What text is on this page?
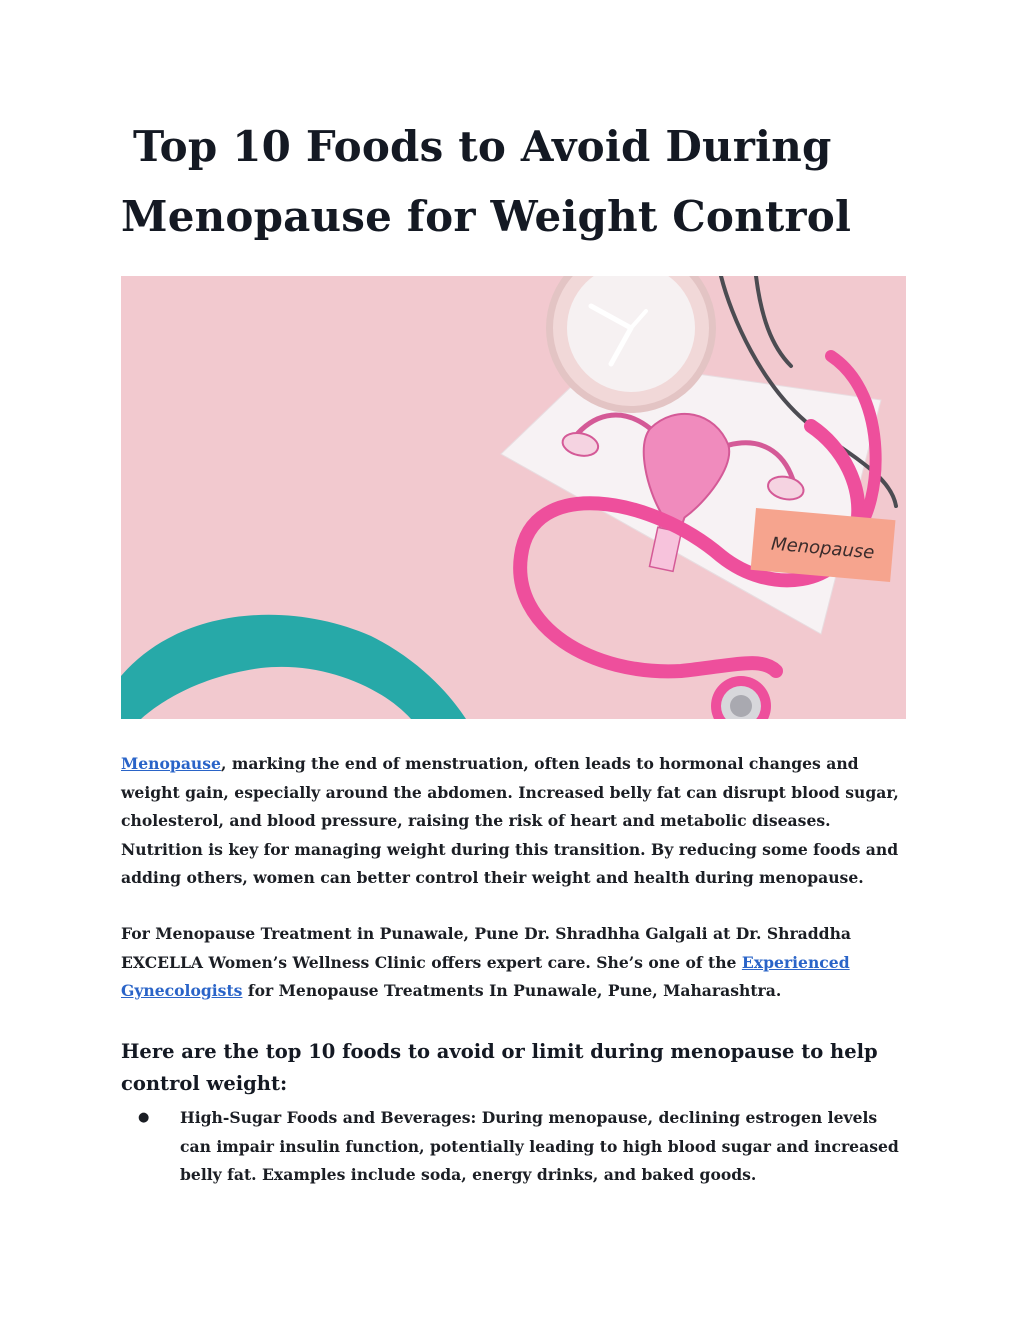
Top 10 Foods to Avoid During
Menopause for Weight Control
Menopause

Menopause, marking the end of menstruation, often leads to hormonal changes and weight gain, especially around the abdomen. Increased belly fat can disrupt blood sugar, cholesterol, and blood pressure, raising the risk of heart and metabolic diseases. Nutrition is key for managing weight during this transition. By reducing some foods and adding others, women can better control their weight and health during menopause.

For Menopause Treatment in Punawale, Pune Dr. Shradhha Galgali at Dr. Shraddha EXCELLA Women’s Wellness Clinic offers expert care. She’s one of the Experienced Gynecologists for Menopause Treatments In Punawale, Pune, Maharashtra.

Here are the top 10 foods to avoid or limit during menopause to help control weight:
● High-Sugar Foods and Beverages: During menopause, declining estrogen levels can impair insulin function, potentially leading to high blood sugar and increased belly fat. Examples include soda, energy drinks, and baked goods.
